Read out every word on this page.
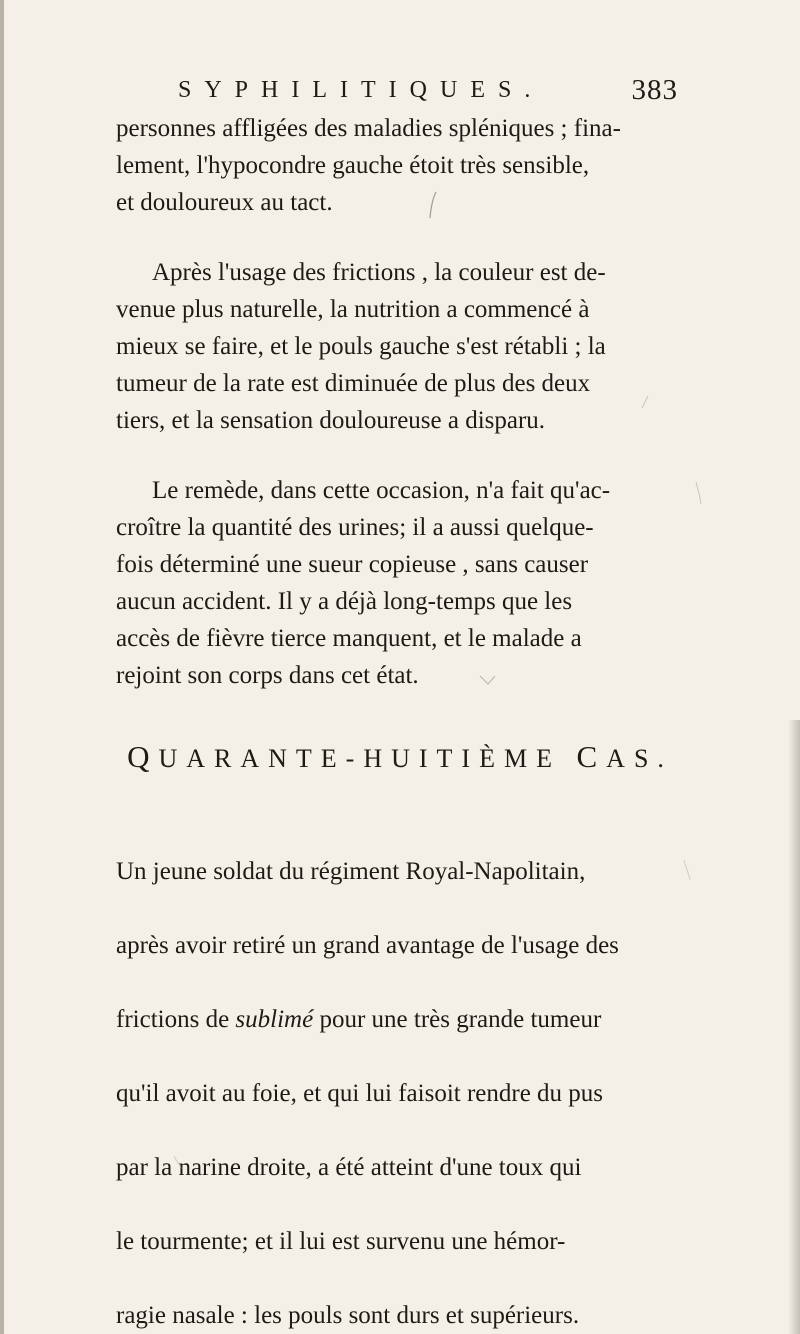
SYPHILITIQUES.	383

personnes affligées des maladies spléniques ; fina-
lement, l'hypocondre gauche étoit très sensible,
et douloureux au tact.

Après l'usage des frictions , la couleur est de-
venue plus naturelle, la nutrition a commencé à
mieux se faire, et le pouls gauche s'est rétabli ; la
tumeur de la rate est diminuée de plus des deux
tiers, et la sensation douloureuse a disparu.

Le remède, dans cette occasion, n'a fait qu'ac-
croître la quantité des urines; il a aussi quelque-
fois déterminé une sueur copieuse , sans causer
aucun accident. Il y a déjà long-temps que les
accès de fièvre tierce manquent, et le malade a
rejoint son corps dans cet état.

QUARANTE-HUITIÈME CAS.

Un jeune soldat du régiment Royal-Napolitain,

après avoir retiré un grand avantage de l'usage des

frictions de sublimé pour une très grande tumeur

qu'il avoit au foie, et qui lui faisoit rendre du pus

par la narine droite, a été atteint d'une toux qui

le tourmente; et il lui est survenu une hémor-

ragie nasale : les pouls sont durs et supérieurs.
